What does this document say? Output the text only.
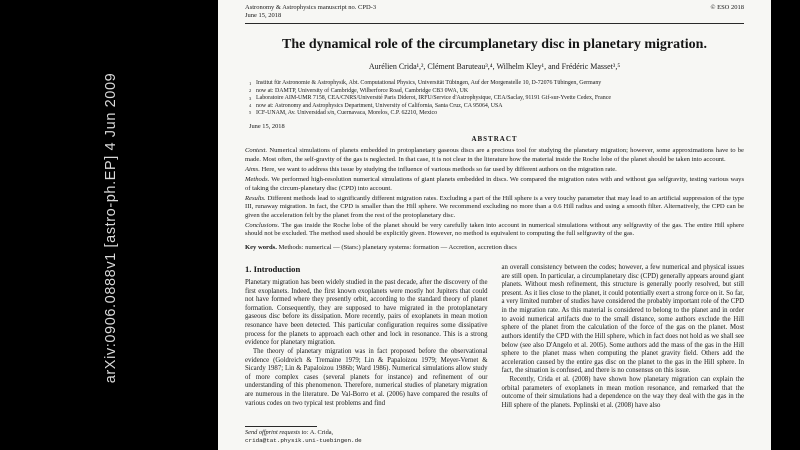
arXiv:0906.0888v1 [astro-ph.EP] 4 Jun 2009
Astronomy & Astrophysics manuscript no. CPD-3
June 15, 2018
© ESO 2018
The dynamical role of the circumplanetary disc in planetary migration.
Aurélien Crida¹,², Clément Baruteau³,⁴, Wilhelm Kley¹, and Frédéric Masset³,⁵
1 Institut für Astronomie & Astrophysik, Abt. Computational Physics, Universität Tübingen, Auf der Morgenstelle 10, D-72076 Tübingen, Germany
2 now at: DAMTP, University of Cambridge, Wilberforce Road, Cambridge CB3 0WA, UK
3 Laboratoire AIM-UMR 7158, CEA/CNRS/Université Paris Diderot, IRFU/Service d'Astrophysique, CEA/Saclay, 91191 Gif-sur-Yvette Cedex, France
4 now at: Astronomy and Astrophysics Department, University of California, Santa Cruz, CA 95064, USA
5 ICF-UNAM, Av. Universidad s/n, Cuernavaca, Morelos, C.P. 62210, Mexico
June 15, 2018
ABSTRACT

Context. Numerical simulations of planets embedded in protoplanetary gaseous discs are a precious tool for studying the planetary migration; however, some approximations have to be made. Most often, the self-gravity of the gas is neglected. In that case, it is not clear in the literature how the material inside the Roche lobe of the planet should be taken into account.

Aims. Here, we want to address this issue by studying the influence of various methods so far used by different authors on the migration rate.

Methods. We performed high-resolution numerical simulations of giant planets embedded in discs. We compared the migration rates with and without gas selfgravity, testing various ways of taking the circum-planetary disc (CPD) into account.

Results. Different methods lead to significantly different migration rates. Excluding a part of the Hill sphere is a very touchy parameter that may lead to an artificial suppression of the type III, runaway migration. In fact, the CPD is smaller than the Hill sphere. We recommend excluding no more than a 0.6 Hill radius and using a smooth filter. Alternatively, the CPD can be given the acceleration felt by the planet from the rest of the protoplanetary disc.

Conclusions. The gas inside the Roche lobe of the planet should be very carefully taken into account in numerical simulations without any selfgravity of the gas. The entire Hill sphere should not be excluded. The method used should be explicitly given. However, no method is equivalent to computing the full selfgravity of the gas.

Key words. Methods: numerical — (Stars:) planetary systems: formation — Accretion, accretion discs

1. Introduction

Planetary migration has been widely studied in the past decade, after the discovery of the first exoplanets. Indeed, the first known exoplanets were mostly hot Jupiters that could not have formed where they presently orbit, according to the standard theory of planet formation. Consequently, they are supposed to have migrated in the protoplanetary gaseous disc before its dissipation. More recently, pairs of exoplanets in mean motion resonance have been detected. This particular configuration requires some dissipative process for the planets to approach each other and lock in resonance. This is a strong evidence for planetary migration.

The theory of planetary migration was in fact proposed before the observational evidence (Goldreich & Tremaine 1979; Lin & Papaloizou 1979; Meyer-Vernet & Sicardy 1987; Lin & Papaloizou 1986b; Ward 1986). Numerical simulations allow study of more complex cases (several planets for instance) and refinement of our understanding of this phenomenon. Therefore, numerical studies of planetary migration are numerous in the literature. De Val-Borro et al. (2006) have compared the results of various codes on two typical test problems and find

an overall consistency between the codes; however, a few numerical and physical issues are still open. In particular, a circumplanetary disc (CPD) generally appears around giant planets. Without mesh refinement, this structure is generally poorly resolved, but still present. As it lies close to the planet, it could potentially exert a strong force on it. So far, a very limited number of studies have considered the probably important role of the CPD in the migration rate. As this material is considered to belong to the planet and in order to avoid numerical artifacts due to the small distance, some authors exclude the Hill sphere of the planet from the calculation of the force of the gas on the planet. Most authors identify the CPD with the Hill sphere, which in fact does not hold as we shall see below (see also D'Angelo et al. 2005). Some authors add the mass of the gas in the Hill sphere to the planet mass when computing the planet gravity field. Others add the acceleration caused by the entire gas disc on the planet to the gas in the Hill sphere. In fact, the situation is confused, and there is no consensus on this issue.

Recently, Crida et al. (2008) have shown how planetary migration can explain the orbital parameters of exoplanets in mean motion resonance, and remarked that the outcome of their simulations had a dependence on the way they deal with the gas in the Hill sphere of the planets. Peplinski et al. (2008) have also

Send offprint requests to: A. Crida,
crida@tat.physik.uni-tuebingen.de
